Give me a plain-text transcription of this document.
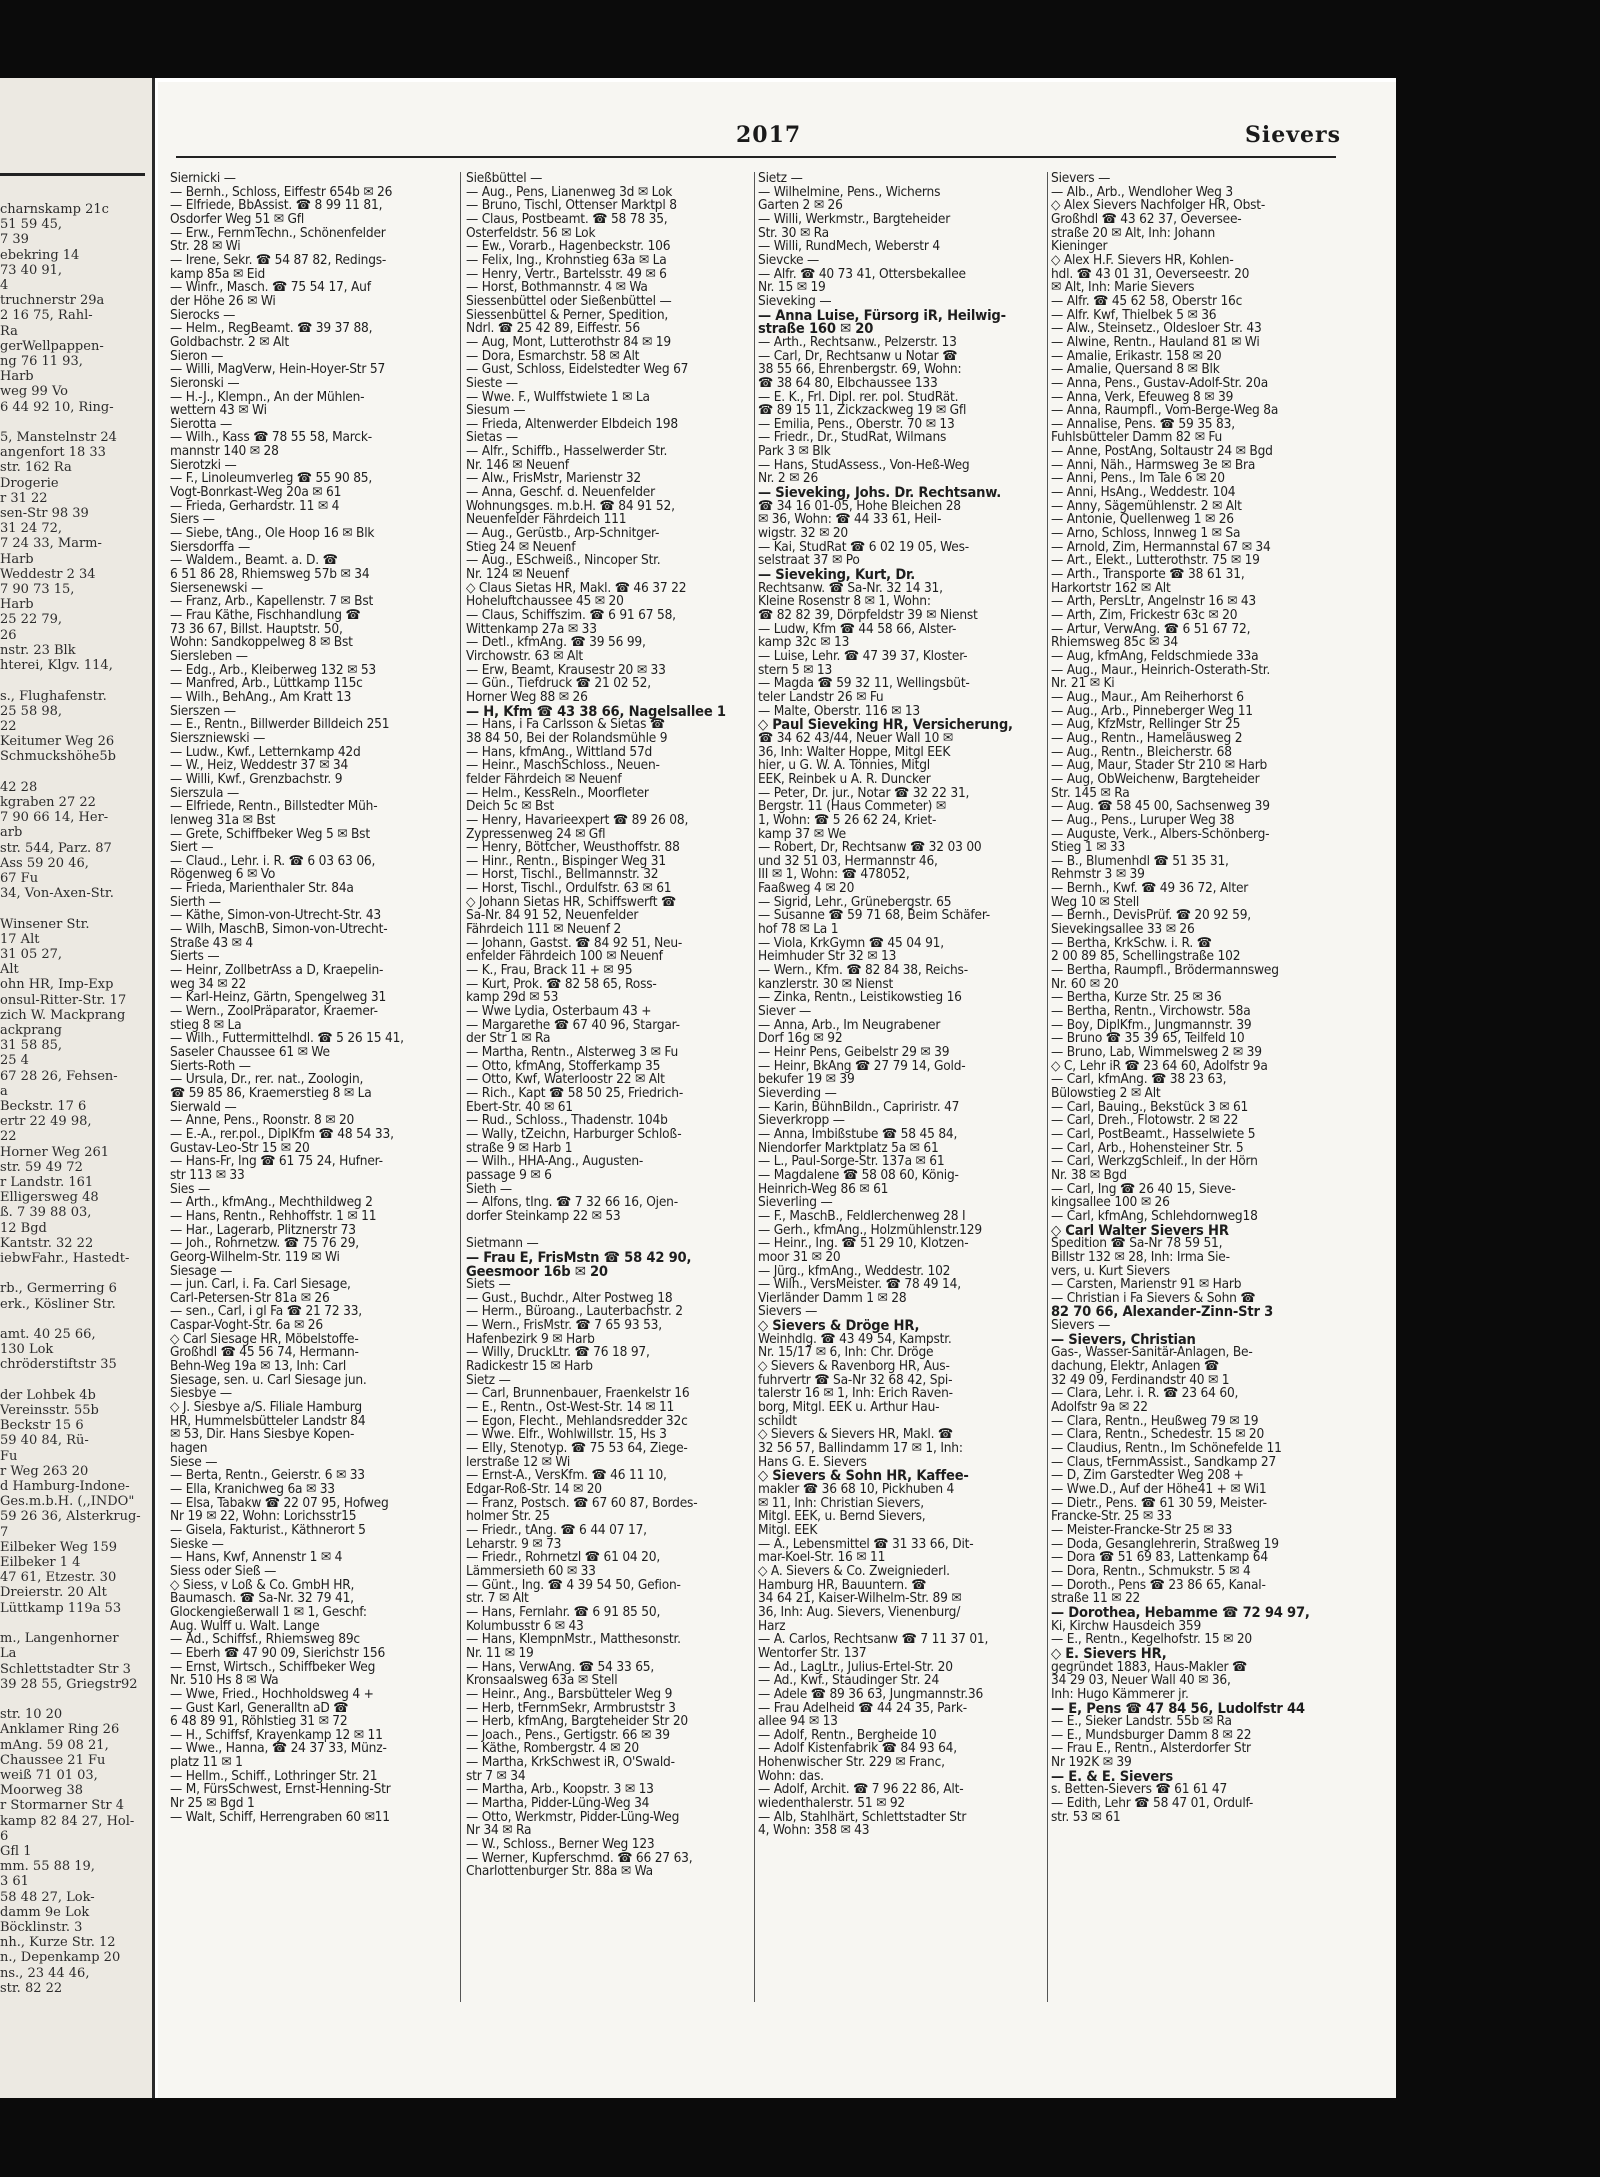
charnskamp 21c
51 59 45,
7 39
ebekring 14
73 40 91,
4
truchnerstr 29a
2 16 75, Rahl-
Ra
gerWellpappen-
ng 76 11 93,
Harb
weg 99 Vo
6 44 92 10, Ring-

5, Manstelnstr 24
angenfort 18 33
str. 162 Ra
Drogerie
r 31 22
sen-Str 98 39
31 24 72,
7 24 33, Marm-
Harb
Weddestr 2 34
7 90 73 15,
Harb
25 22 79,
26
nstr. 23 Blk
hterei, Klgv. 114,

s., Flughafenstr.
25 58 98,
22
Keitumer Weg 26
Schmuckshöhe5b

42 28
kgraben 27 22
7 90 66 14, Her-
arb
str. 544, Parz. 87
Ass 59 20 46,
67 Fu
34, Von-Axen-Str.

Winsener Str.
17 Alt
31 05 27,
Alt
ohn HR, Imp-Exp
onsul-Ritter-Str. 17
zich W. Mackprang
ackprang
31 58 85,
25 4
67 28 26, Fehsen-
a
Beckstr. 17 6
ertr 22 49 98,
22
Horner Weg 261
str. 59 49 72
r Landstr. 161
Elligersweg 48
ß. 7 39 88 03,
12 Bgd
Kantstr. 32 22
iebwFahr., Hastedt-

rb., Germerring 6
erk., Kösliner Str.

amt. 40 25 66,
130 Lok
chröderstiftstr 35

der Lohbek 4b
Vereinsstr. 55b
Beckstr 15 6
59 40 84, Rü-
Fu
r Weg 263 20
d Hamburg-Indone-
Ges.m.b.H. (,,INDO"
59 26 36, Alsterkrug-
7
Eilbeker Weg 159
Eilbeker 1 4
47 61, Etzestr. 30
Dreierstr. 20 Alt
Lüttkamp 119a 53

m., Langenhorner
La
Schlettstadter Str 3
39 28 55, Griegstr92

str. 10 20
Anklamer Ring 26
mAng. 59 08 21,
Chaussee 21 Fu
weiß 71 01 03,
Moorweg 38
r Stormarner Str 4
kamp 82 84 27, Hol-
6
Gfl 1
mm. 55 88 19,
3 61
58 48 27, Lok-
damm 9e Lok
Böcklinstr. 3
nh., Kurze Str. 12
n., Depenkamp 20
ns., 23 44 46,
str. 82 22
2017	Sievers
Siernicki —
— Bernh., Schloss, Eiffestr 654b ✉ 26
— Elfriede, BbAssist. ☎ 8 99 11 81,
Osdorfer Weg 51 ✉ Gfl
— Erw., FernmTechn., Schönenfelder
Str. 28 ✉ Wi
— Irene, Sekr. ☎ 54 87 82, Redings-
kamp 85a ✉ Eid
— Winfr., Masch. ☎ 75 54 17, Auf
der Höhe 26 ✉ Wi
Sierocks —
— Helm., RegBeamt. ☎ 39 37 88,
Goldbachstr. 2 ✉ Alt
Sieron —
— Willi, MagVerw, Hein-Hoyer-Str 57
Sieronski —
— H.-J., Klempn., An der Mühlen-
wettern 43 ✉ Wi
Sierotta —
— Wilh., Kass ☎ 78 55 58, Marck-
mannstr 140 ✉ 28
Sierotzki —
— F., Linoleumverleg ☎ 55 90 85,
Vogt-Bonrkast-Weg 20a ✉ 61
— Frieda, Gerhardstr. 11 ✉ 4
Siers —
— Siebe, tAng., Ole Hoop 16 ✉ Blk
Siersdorffa —
— Waldem., Beamt. a. D. ☎
6 51 86 28, Rhiemsweg 57b ✉ 34
Siersenewski —
— Franz, Arb., Kapellenstr. 7 ✉ Bst
— Frau Käthe, Fischhandlung ☎
73 36 67, Billst. Hauptstr. 50,
Wohn: Sandkoppelweg 8 ✉ Bst
Siersleben —
— Edg., Arb., Kleiberweg 132 ✉ 53
— Manfred, Arb., Lüttkamp 115c
— Wilh., BehAng., Am Kratt 13
Sierszen —
— E., Rentn., Billwerder Billdeich 251
Sierszniewski —
— Ludw., Kwf., Letternkamp 42d
— W., Heiz, Weddestr 37 ✉ 34
— Willi, Kwf., Grenzbachstr. 9
Sierszula —
— Elfriede, Rentn., Billstedter Müh-
lenweg 31a ✉ Bst
— Grete, Schiffbeker Weg 5 ✉ Bst
Siert —
— Claud., Lehr. i. R. ☎ 6 03 63 06,
Rögenweg 6 ✉ Vo
— Frieda, Marienthaler Str. 84a
Sierth —
— Käthe, Simon-von-Utrecht-Str. 43
— Wilh, MaschB, Simon-von-Utrecht-
Straße 43 ✉ 4
Sierts —
— Heinr, ZollbetrAss a D, Kraepelin-
weg 34 ✉ 22
— Karl-Heinz, Gärtn, Spengelweg 31
— Wern., ZoolPräparator, Kraemer-
stieg 8 ✉ La
— Wilh., Futtermittelhdl. ☎ 5 26 15 41,
Saseler Chaussee 61 ✉ We
Sierts-Roth —
— Ursula, Dr., rer. nat., Zoologin,
☎ 59 85 86, Kraemerstieg 8 ✉ La
Sierwald —
— Anne, Pens., Roonstr. 8 ✉ 20
— E.-A., rer.pol., DiplKfm ☎ 48 54 33,
Gustav-Leo-Str 15 ✉ 20
— Hans-Fr, Ing ☎ 61 75 24, Hufner-
str 113 ✉ 33
Sies —
— Arth., kfmAng., Mechthildweg 2
— Hans, Rentn., Rehhoffstr. 1 ✉ 11
— Har., Lagerarb, Plitznerstr 73
— Joh., Rohrnetzw. ☎ 75 76 29,
Georg-Wilhelm-Str. 119 ✉ Wi
Siesage —
— jun. Carl, i. Fa. Carl Siesage,
Carl-Petersen-Str 81a ✉ 26
— sen., Carl, i gl Fa ☎ 21 72 33,
Caspar-Voght-Str. 6a ✉ 26
◇ Carl Siesage HR, Möbelstoffe-
Großhdl ☎ 45 56 74, Hermann-
Behn-Weg 19a ✉ 13, Inh: Carl
Siesage, sen. u. Carl Siesage jun.
Siesbye —
◇ J. Siesbye a/S. Filiale Hamburg
HR, Hummelsbütteler Landstr 84
✉ 53, Dir. Hans Siesbye Kopen-
hagen
Siese —
— Berta, Rentn., Geierstr. 6 ✉ 33
— Ella, Kranichweg 6a ✉ 33
— Elsa, Tabakw ☎ 22 07 95, Hofweg
Nr 19 ✉ 22, Wohn: Lorichsstr15
— Gisela, Fakturist., Käthnerort 5
Sieske —
— Hans, Kwf, Annenstr 1 ✉ 4
Siess oder Sieß —
◇ Siess, v Loß & Co. GmbH HR,
Baumasch. ☎ Sa-Nr. 32 79 41,
Glockengießerwall 1 ✉ 1, Geschf:
Aug. Wulff u. Walt. Lange
— Ad., Schiffsf., Rhiemsweg 89c
— Eberh ☎ 47 90 09, Sierichstr 156
— Ernst, Wirtsch., Schiffbeker Weg
Nr. 510 Hs 8 ✉ Wa
— Wwe, Fried., Hochholdsweg 4 +
— Gust Karl, Generalltn aD ☎
6 48 89 91, Röhlstieg 31 ✉ 72
— H., Schiffsf, Krayenkamp 12 ✉ 11
— Wwe., Hanna, ☎ 24 37 33, Münz-
platz 11 ✉ 1
— Hellm., Schiff., Lothringer Str. 21
— M, FürsSchwest, Ernst-Henning-Str
Nr 25 ✉ Bgd 1
— Walt, Schiff, Herrengraben 60 ✉11
Sießbüttel —
— Aug., Pens, Lianenweg 3d ✉ Lok
— Bruno, Tischl, Ottenser Marktpl 8
— Claus, Postbeamt. ☎ 58 78 35,
Osterfeldstr. 56 ✉ Lok
— Ew., Vorarb., Hagenbeckstr. 106
— Felix, Ing., Krohnstieg 63a ✉ La
— Henry, Vertr., Bartelsstr. 49 ✉ 6
— Horst, Bothmannstr. 4 ✉ Wa
Siessenbüttel oder Sießenbüttel —
Siessenbüttel & Perner, Spedition,
Ndrl. ☎ 25 42 89, Eiffestr. 56
— Aug, Mont, Lutterothstr 84 ✉ 19
— Dora, Esmarchstr. 58 ✉ Alt
— Gust, Schloss, Eidelstedter Weg 67
Sieste —
— Wwe. F., Wulffstwiete 1 ✉ La
Siesum —
— Frieda, Altenwerder Elbdeich 198
Sietas —
— Alfr., Schiffb., Hasselwerder Str.
Nr. 146 ✉ Neuenf
— Alw., FrisMstr, Marienstr 32
— Anna, Geschf. d. Neuenfelder
Wohnungsges. m.b.H. ☎ 84 91 52,
Neuenfelder Fährdeich 111
— Aug., Gerüstb., Arp-Schnitger-
Stieg 24 ✉ Neuenf
— Aug., ESchweiß., Nincoper Str.
Nr. 124 ✉ Neuenf
◇ Claus Sietas HR, Makl. ☎ 46 37 22
Hoheluftchaussee 45 ✉ 20
— Claus, Schiffszim. ☎ 6 91 67 58,
Wittenkamp 27a ✉ 33
— Detl., kfmAng. ☎ 39 56 99,
Virchowstr. 63 ✉ Alt
— Erw, Beamt, Krausestr 20 ✉ 33
— Gün., Tiefdruck ☎ 21 02 52,
Horner Weg 88 ✉ 26
— H, Kfm ☎ 43 38 66, Nagelsallee 1
— Hans, i Fa Carlsson & Sietas ☎
38 84 50, Bei der Rolandsmühle 9
— Hans, kfmAng., Wittland 57d
— Heinr., MaschSchloss., Neuen-
felder Fährdeich ✉ Neuenf
— Helm., KessReln., Moorfleter
Deich 5c ✉ Bst
— Henry, Havarieexpert ☎ 89 26 08,
Zypressenweg 24 ✉ Gfl
— Henry, Böttcher, Weusthoffstr. 88
— Hinr., Rentn., Bispinger Weg 31
— Horst, Tischl., Bellmannstr. 32
— Horst, Tischl., Ordulfstr. 63 ✉ 61
◇ Johann Sietas HR, Schiffswerft ☎
Sa-Nr. 84 91 52, Neuenfelder
Fährdeich 111 ✉ Neuenf 2
— Johann, Gastst. ☎ 84 92 51, Neu-
enfelder Fährdeich 100 ✉ Neuenf
— K., Frau, Brack 11 + ✉ 95
— Kurt, Prok. ☎ 82 58 65, Ross-
kamp 29d ✉ 53
— Wwe Lydia, Osterbaum 43 +
— Margarethe ☎ 67 40 96, Stargar-
der Str 1 ✉ Ra
— Martha, Rentn., Alsterweg 3 ✉ Fu
— Otto, kfmAng, Stofferkamp 35
— Otto, Kwf, Waterloostr 22 ✉ Alt
— Rich., Kapt ☎ 58 50 25, Friedrich-
Ebert-Str. 40 ✉ 61
— Rud., Schloss., Thadenstr. 104b
— Wally, tZeichn, Harburger Schloß-
straße 9 ✉ Harb 1
— Wilh., HHA-Ang., Augusten-
passage 9 ✉ 6
Sieth —
— Alfons, tIng. ☎ 7 32 66 16, Ojen-
dorfer Steinkamp 22 ✉ 53

Sietmann —
— Frau E, FrisMstn ☎ 58 42 90,
Geesmoor 16b ✉ 20
Siets —
— Gust., Buchdr., Alter Postweg 18
— Herm., Büroang., Lauterbachstr. 2
— Wern., FrisMstr. ☎ 7 65 93 53,
Hafenbezirk 9 ✉ Harb
— Willy, DruckLtr. ☎ 76 18 97,
Radickestr 15 ✉ Harb
Sietz —
— Carl, Brunnenbauer, Fraenkelstr 16
— E., Rentn., Ost-West-Str. 14 ✉ 11
— Egon, Flecht., Mehlandsredder 32c
— Wwe. Elfr., Wohlwillstr. 15, Hs 3
— Elly, Stenotyp. ☎ 75 53 64, Ziege-
lerstraße 12 ✉ Wi
— Ernst-A., VersKfm. ☎ 46 11 10,
Edgar-Roß-Str. 14 ✉ 20
— Franz, Postsch. ☎ 67 60 87, Bordes-
holmer Str. 25
— Friedr., tAng. ☎ 6 44 07 17,
Leharstr. 9 ✉ 73
— Friedr., Rohrnetzl ☎ 61 04 20,
Lämmersieth 60 ✉ 33
— Günt., Ing. ☎ 4 39 54 50, Gefion-
str. 7 ✉ Alt
— Hans, Fernlahr. ☎ 6 91 85 50,
Kolumbusstr 6 ✉ 43
— Hans, KlempnMstr., Matthesonstr.
Nr. 11 ✉ 19
— Hans, VerwAng. ☎ 54 33 65,
Kronsaalsweg 63a ✉ Stell
— Heinr., Ang., Barsbütteler Weg 9
— Herb, tFernmSekr, Armbruststr 3
— Herb, kfmAng, Bargteheider Str 20
— Joach., Pens., Gertigstr. 66 ✉ 39
— Käthe, Rombergstr. 4 ✉ 20
— Martha, KrkSchwest iR, O'Swald-
str 7 ✉ 34
— Martha, Arb., Koopstr. 3 ✉ 13
— Martha, Pidder-Lüng-Weg 34
— Otto, Werkmstr, Pidder-Lüng-Weg
Nr 34 ✉ Ra
— W., Schloss., Berner Weg 123
— Werner, Kupferschmd. ☎ 66 27 63,
Charlottenburger Str. 88a ✉ Wa
Sietz —
— Wilhelmine, Pens., Wicherns
Garten 2 ✉ 26
— Willi, Werkmstr., Bargteheider
Str. 30 ✉ Ra
— Willi, RundMech, Weberstr 4
Sievcke —
— Alfr. ☎ 40 73 41, Ottersbekallee
Nr. 15 ✉ 19
Sieveking —
— Anna Luise, Fürsorg iR, Heilwig-
straße 160 ✉ 20
— Arth., Rechtsanw., Pelzerstr. 13
— Carl, Dr, Rechtsanw u Notar ☎
38 55 66, Ehrenbergstr. 69, Wohn:
☎ 38 64 80, Elbchaussee 133
— E. K., Frl. Dipl. rer. pol. StudRät.
☎ 89 15 11, Zickzackweg 19 ✉ Gfl
— Emilia, Pens., Oberstr. 70 ✉ 13
— Friedr., Dr., StudRat, Wilmans
Park 3 ✉ Blk
— Hans, StudAssess., Von-Heß-Weg
Nr. 2 ✉ 26
— Sieveking, Johs. Dr. Rechtsanw.
☎ 34 16 01-05, Hohe Bleichen 28
✉ 36, Wohn: ☎ 44 33 61, Heil-
wigstr. 32 ✉ 20
— Kai, StudRat ☎ 6 02 19 05, Wes-
selstraat 37 ✉ Po
— Sieveking, Kurt, Dr.
Rechtsanw. ☎ Sa-Nr. 32 14 31,
Kleine Rosenstr 8 ✉ 1, Wohn:
☎ 82 82 39, Dörpfeldstr 39 ✉ Nienst
— Ludw, Kfm ☎ 44 58 66, Alster-
kamp 32c ✉ 13
— Luise, Lehr. ☎ 47 39 37, Kloster-
stern 5 ✉ 13
— Magda ☎ 59 32 11, Wellingsbüt-
teler Landstr 26 ✉ Fu
— Malte, Oberstr. 116 ✉ 13
◇ Paul Sieveking HR, Versicherung,
☎ 34 62 43/44, Neuer Wall 10 ✉
36, Inh: Walter Hoppe, Mitgl EEK
hier, u G. W. A. Tönnies, Mitgl
EEK, Reinbek u A. R. Duncker
— Peter, Dr. jur., Notar ☎ 32 22 31,
Bergstr. 11 (Haus Commeter) ✉
1, Wohn: ☎ 5 26 62 24, Kriet-
kamp 37 ✉ We
— Robert, Dr, Rechtsanw ☎ 32 03 00
und 32 51 03, Hermannstr 46,
III ✉ 1, Wohn: ☎ 478052,
Faaßweg 4 ✉ 20
— Sigrid, Lehr., Grünebergstr. 65
— Susanne ☎ 59 71 68, Beim Schäfer-
hof 78 ✉ La 1
— Viola, KrkGymn ☎ 45 04 91,
Heimhuder Str 32 ✉ 13
— Wern., Kfm. ☎ 82 84 38, Reichs-
kanzlerstr. 30 ✉ Nienst
— Zinka, Rentn., Leistikowstieg 16
Siever —
— Anna, Arb., Im Neugrabener
Dorf 16g ✉ 92
— Heinr Pens, Geibelstr 29 ✉ 39
— Heinr, BkAng ☎ 27 79 14, Gold-
bekufer 19 ✉ 39
Sieverding —
— Karin, BühnBildn., Capriristr. 47
Sieverkropp —
— Anna, Imbißstube ☎ 58 45 84,
Niendorfer Marktplatz 5a ✉ 61
— L., Paul-Sorge-Str. 137a ✉ 61
— Magdalene ☎ 58 08 60, König-
Heinrich-Weg 86 ✉ 61
Sieverling —
— F., MaschB., Feldlerchenweg 28 I
— Gerh., kfmAng., Holzmühlenstr.129
— Heinr., Ing. ☎ 51 29 10, Klotzen-
moor 31 ✉ 20
— Jürg., kfmAng., Weddestr. 102
— Wilh., VersMeister. ☎ 78 49 14,
Vierländer Damm 1 ✉ 28
Sievers —
◇ Sievers & Dröge HR,
Weinhdlg. ☎ 43 49 54, Kampstr.
Nr. 15/17 ✉ 6, Inh: Chr. Dröge
◇ Sievers & Ravenborg HR, Aus-
fuhrvertr ☎ Sa-Nr 32 68 42, Spi-
talerstr 16 ✉ 1, Inh: Erich Raven-
borg, Mitgl. EEK u. Arthur Hau-
schildt
◇ Sievers & Sievers HR, Makl. ☎
32 56 57, Ballindamm 17 ✉ 1, Inh:
Hans G. E. Sievers
◇ Sievers & Sohn HR, Kaffee-
makler ☎ 36 68 10, Pickhuben 4
✉ 11, Inh: Christian Sievers,
Mitgl. EEK, u. Bernd Sievers,
Mitgl. EEK
— A., Lebensmittel ☎ 31 33 66, Dit-
mar-Koel-Str. 16 ✉ 11
◇ A. Sievers & Co. Zweigniederl.
Hamburg HR, Bauuntern. ☎
34 64 21, Kaiser-Wilhelm-Str. 89 ✉
36, Inh: Aug. Sievers, Vienenburg/
Harz
— A. Carlos, Rechtsanw ☎ 7 11 37 01,
Wentorfer Str. 137
— Ad., LagLtr., Julius-Ertel-Str. 20
— Ad., Kwf., Staudinger Str. 24
— Adele ☎ 89 36 63, Jungmannstr.36
— Frau Adelheid ☎ 44 24 35, Park-
allee 94 ✉ 13
— Adolf, Rentn., Bergheide 10
— Adolf Kistenfabrik ☎ 84 93 64,
Hohenwischer Str. 229 ✉ Franc,
Wohn: das.
— Adolf, Archit. ☎ 7 96 22 86, Alt-
wiedenthalerstr. 51 ✉ 92
— Alb, Stahlhärt, Schlettstadter Str
4, Wohn: 358 ✉ 43
Sievers —
— Alb., Arb., Wendloher Weg 3
◇ Alex Sievers Nachfolger HR, Obst-
Großhdl ☎ 43 62 37, Oeversee-
straße 20 ✉ Alt, Inh: Johann
Kieninger
◇ Alex H.F. Sievers HR, Kohlen-
hdl. ☎ 43 01 31, Oeverseestr. 20
✉ Alt, Inh: Marie Sievers
— Alfr. ☎ 45 62 58, Oberstr 16c
— Alfr. Kwf, Thielbek 5 ✉ 36
— Alw., Steinsetz., Oldesloer Str. 43
— Alwine, Rentn., Hauland 81 ✉ Wi
— Amalie, Erikastr. 158 ✉ 20
— Amalie, Quersand 8 ✉ Blk
— Anna, Pens., Gustav-Adolf-Str. 20a
— Anna, Verk, Efeuweg 8 ✉ 39
— Anna, Raumpfl., Vom-Berge-Weg 8a
— Annalise, Pens. ☎ 59 35 83,
Fuhlsbütteler Damm 82 ✉ Fu
— Anne, PostAng, Soltaustr 24 ✉ Bgd
— Anni, Näh., Harmsweg 3e ✉ Bra
— Anni, Pens., Im Tale 6 ✉ 20
— Anni, HsAng., Weddestr. 104
— Anny, Sägemühlenstr. 2 ✉ Alt
— Antonie, Quellenweg 1 ✉ 26
— Arno, Schloss, Innweg 1 ✉ Sa
— Arnold, Zim, Hermannstal 67 ✉ 34
— Art., Elekt., Lutterothstr. 75 ✉ 19
— Arth., Transporte ☎ 38 61 31,
Harkortstr 162 ✉ Alt
— Arth, PersLtr, Angelnstr 16 ✉ 43
— Arth, Zim, Frickestr 63c ✉ 20
— Artur, VerwAng. ☎ 6 51 67 72,
Rhiemsweg 85c ✉ 34
— Aug, kfmAng, Feldschmiede 33a
— Aug., Maur., Heinrich-Osterath-Str.
Nr. 21 ✉ Ki
— Aug., Maur., Am Reiherhorst 6
— Aug., Arb., Pinneberger Weg 11
— Aug, KfzMstr, Rellinger Str 25
— Aug., Rentn., Hameläusweg 2
— Aug., Rentn., Bleicherstr. 68
— Aug, Maur, Stader Str 210 ✉ Harb
— Aug, ObWeichenw, Bargteheider
Str. 145 ✉ Ra
— Aug. ☎ 58 45 00, Sachsenweg 39
— Aug., Pens., Luruper Weg 38
— Auguste, Verk., Albers-Schönberg-
Stieg 1 ✉ 33
— B., Blumenhdl ☎ 51 35 31,
Rehmstr 3 ✉ 39
— Bernh., Kwf. ☎ 49 36 72, Alter
Weg 10 ✉ Stell
— Bernh., DevisPrüf. ☎ 20 92 59,
Sievekingsallee 33 ✉ 26
— Bertha, KrkSchw. i. R. ☎
2 00 89 85, Schellingstraße 102
— Bertha, Raumpfl., Brödermannsweg
Nr. 60 ✉ 20
— Bertha, Kurze Str. 25 ✉ 36
— Bertha, Rentn., Virchowstr. 58a
— Boy, DiplKfm., Jungmannstr. 39
— Bruno ☎ 35 39 65, Teilfeld 10
— Bruno, Lab, Wimmelsweg 2 ✉ 39
◇ C, Lehr iR ☎ 23 64 60, Adolfstr 9a
— Carl, kfmAng. ☎ 38 23 63,
Bülowstieg 2 ✉ Alt
— Carl, Bauing., Bekstück 3 ✉ 61
— Carl, Dreh., Flotowstr. 2 ✉ 22
— Carl, PostBeamt., Hasselwiete 5
— Carl, Arb., Hohensteiner Str. 5
— Carl, WerkzgSchleif., In der Hörn
Nr. 38 ✉ Bgd
— Carl, Ing ☎ 26 40 15, Sieve-
kingsallee 100 ✉ 26
— Carl, kfmAng, Schlehdornweg18
◇ Carl Walter Sievers HR
Spedition ☎ Sa-Nr 78 59 51,
Billstr 132 ✉ 28, Inh: Irma Sie-
vers, u. Kurt Sievers
— Carsten, Marienstr 91 ✉ Harb
— Christian i Fa Sievers & Sohn ☎
82 70 66, Alexander-Zinn-Str 3
Sievers —
— Sievers, Christian
Gas-, Wasser-Sanitär-Anlagen, Be-
dachung, Elektr, Anlagen ☎
32 49 09, Ferdinandstr 40 ✉ 1
— Clara, Lehr. i. R. ☎ 23 64 60,
Adolfstr 9a ✉ 22
— Clara, Rentn., Heußweg 79 ✉ 19
— Clara, Rentn., Schedestr. 15 ✉ 20
— Claudius, Rentn., Im Schönefelde 11
— Claus, tFernmAssist., Sandkamp 27
— D, Zim Garstedter Weg 208 +
— Wwe.D., Auf der Höhe41 + ✉ Wi1
— Dietr., Pens. ☎ 61 30 59, Meister-
Francke-Str. 25 ✉ 33
— Meister-Francke-Str 25 ✉ 33
— Doda, Gesanglehrerin, Straßweg 19
— Dora ☎ 51 69 83, Lattenkamp 64
— Dora, Rentn., Schmukstr. 5 ✉ 4
— Doroth., Pens ☎ 23 86 65, Kanal-
straße 11 ✉ 22
— Dorothea, Hebamme ☎ 72 94 97,
Ki, Kirchw Hausdeich 359
— E., Rentn., Kegelhofstr. 15 ✉ 20
◇ E. Sievers HR,
gegründet 1883, Haus-Makler ☎
34 29 03, Neuer Wall 40 ✉ 36,
Inh: Hugo Kämmerer jr.
— E, Pens ☎ 47 84 56, Ludolfstr 44
— E., Sieker Landstr. 55b ✉ Ra
— E., Mundsburger Damm 8 ✉ 22
— Frau E., Rentn., Alsterdorfer Str
Nr 192K ✉ 39
— E. & E. Sievers
s. Betten-Sievers ☎ 61 61 47
— Edith, Lehr ☎ 58 47 01, Ordulf-
str. 53 ✉ 61
